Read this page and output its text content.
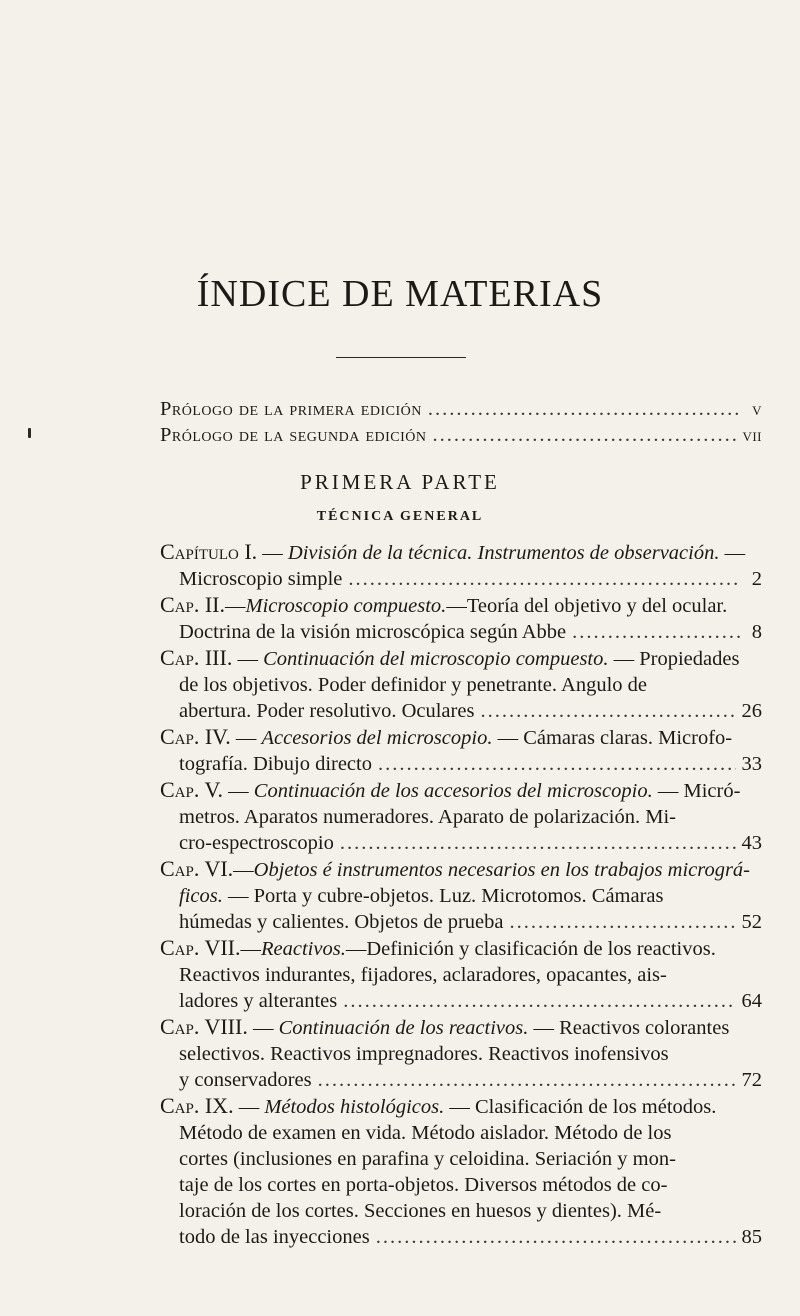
ÍNDICE DE MATERIAS
Prólogo de la primera edición .....	v
Prólogo de la segunda edición .....	vii
PRIMERA PARTE
TÉCNICA GENERAL
Capítulo I. — División de la técnica. Instrumentos de observación. —
Microscopio simple .....	2
Cap. II.—Microscopio compuesto.—Teoría del objetivo y del ocular.
Doctrina de la visión microscópica según Abbe .....	8
Cap. III. — Continuación del microscopio compuesto. — Propiedades
de los objetivos. Poder definidor y penetrante. Angulo de
abertura. Poder resolutivo. Oculares .....	26
Cap. IV. — Accesorios del microscopio. — Cámaras claras. Microfo-
tografía. Dibujo directo .....	33
Cap. V. — Continuación de los accesorios del microscopio. — Micró-
metros. Aparatos numeradores. Aparato de polarización. Mi-
cro-espectroscopio .....	43
Cap. VI.—Objetos é instrumentos necesarios en los trabajos micrográ-
ficos. — Porta y cubre-objetos. Luz. Microtomos. Cámaras
húmedas y calientes. Objetos de prueba .....	52
Cap. VII.—Reactivos.—Definición y clasificación de los reactivos.
Reactivos indurantes, fijadores, aclaradores, opacantes, ais-
ladores y alterantes .....	64
Cap. VIII. — Continuación de los reactivos. — Reactivos colorantes
selectivos. Reactivos impregnadores. Reactivos inofensivos
y conservadores .....	72
Cap. IX. — Métodos histológicos. — Clasificación de los métodos.
Método de examen en vida. Método aislador. Método de los
cortes (inclusiones en parafina y celoidina. Seriación y mon-
taje de los cortes en porta-objetos. Diversos métodos de co-
loración de los cortes. Secciones en huesos y dientes). Mé-
todo de las inyecciones .....	85
